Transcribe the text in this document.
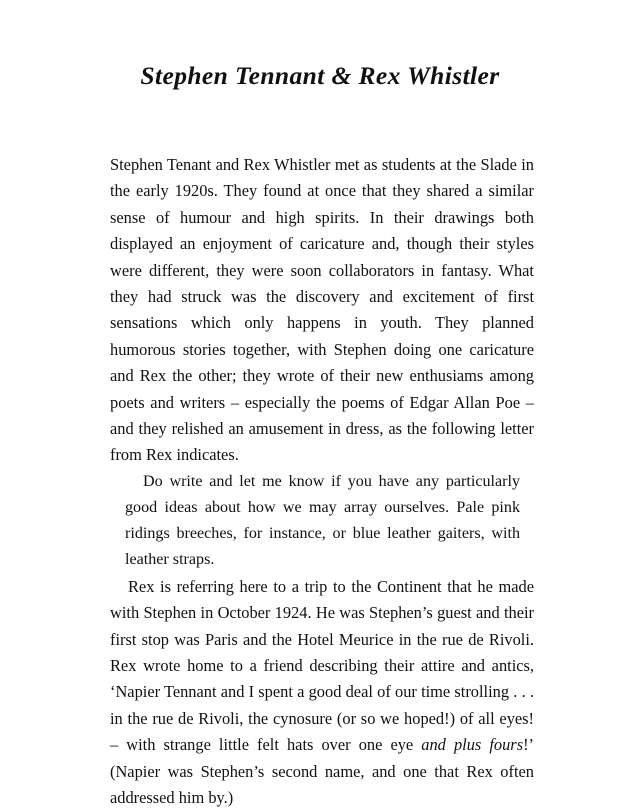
Stephen Tennant & Rex Whistler

Stephen Tenant and Rex Whistler met as students at the Slade in the early 1920s. They found at once that they shared a similar sense of humour and high spirits. In their drawings both displayed an enjoyment of caricature and, though their styles were different, they were soon collaborators in fantasy. What they had struck was the discovery and excitement of first sensations which only happens in youth. They planned humorous stories together, with Stephen doing one caricature and Rex the other; they wrote of their new enthusiams among poets and writers – especially the poems of Edgar Allan Poe – and they relished an amusement in dress, as the following letter from Rex indicates.

Do write and let me know if you have any particularly good ideas about how we may array ourselves. Pale pink ridings breeches, for instance, or blue leather gaiters, with leather straps.

Rex is referring here to a trip to the Continent that he made with Stephen in October 1924. He was Stephen’s guest and their first stop was Paris and the Hotel Meurice in the rue de Rivoli. Rex wrote home to a friend describing their attire and antics, ‘Napier Tennant and I spent a good deal of our time strolling . . . in the rue de Rivoli, the cynosure (or so we hoped!) of all eyes! – with strange little felt hats over one eye and plus fours!’ (Napier was Stephen’s second name, and one that Rex often addressed him by.)
